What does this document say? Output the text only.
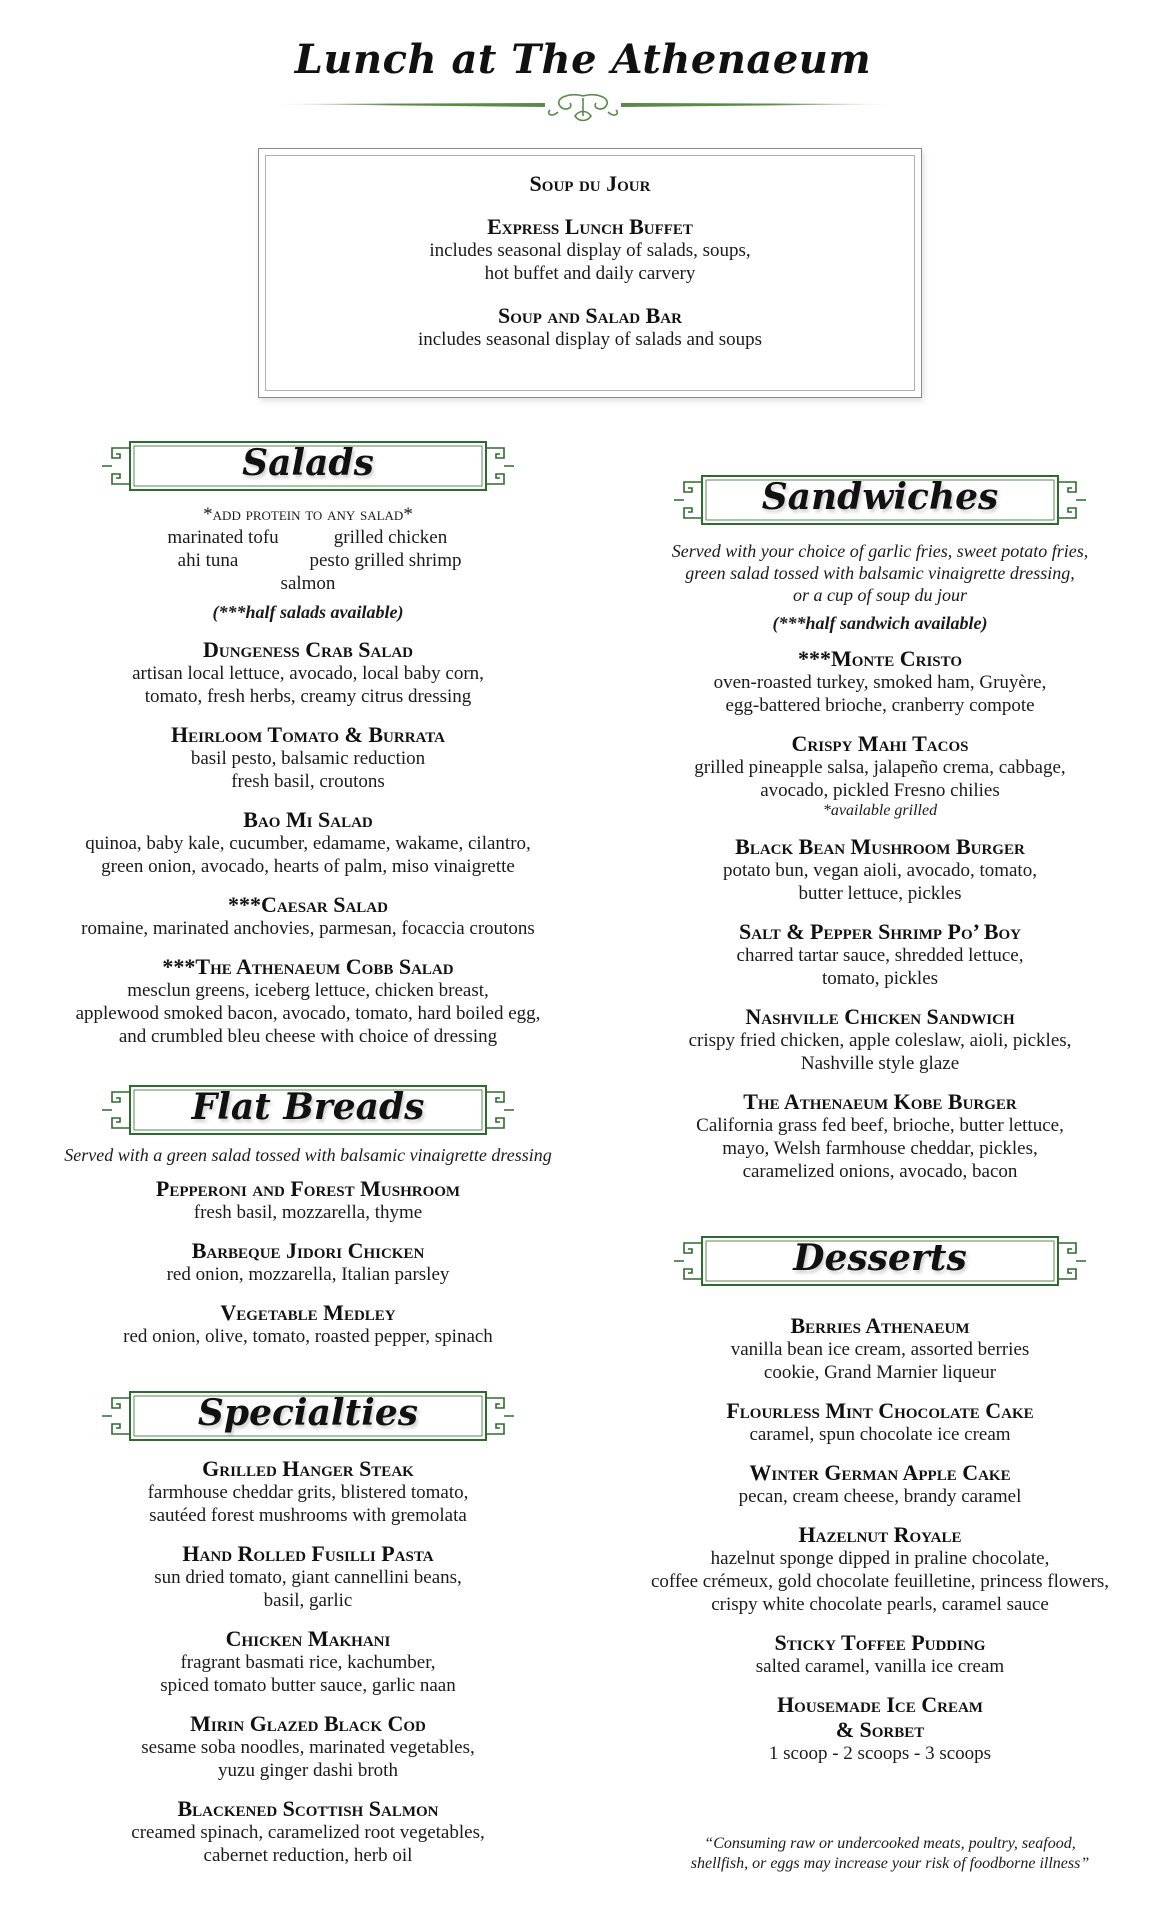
Lunch at The Athenaeum
Soup du Jour
Express Lunch Buffet
includes seasonal display of salads, soups,
hot buffet and daily carvery
Soup and Salad Bar
includes seasonal display of salads and soups
Salads
*add protein to any salad*
marinated tofu	grilled chicken
ahi tuna	pesto grilled shrimp
salmon
(***half salads available)
Dungeness Crab Salad
artisan local lettuce, avocado, local baby corn,
tomato, fresh herbs, creamy citrus dressing
Heirloom Tomato & Burrata
basil pesto, balsamic reduction
fresh basil, croutons
Bao Mi Salad
quinoa, baby kale, cucumber, edamame, wakame, cilantro,
green onion, avocado, hearts of palm, miso vinaigrette
***Caesar Salad
romaine, marinated anchovies, parmesan, focaccia croutons
***The Athenaeum Cobb Salad
mesclun greens, iceberg lettuce, chicken breast,
applewood smoked bacon, avocado, tomato, hard boiled egg,
and crumbled bleu cheese with choice of dressing
Flat Breads
Served with a green salad tossed with balsamic vinaigrette dressing
Pepperoni and Forest Mushroom
fresh basil, mozzarella, thyme
Barbeque Jidori Chicken
red onion, mozzarella, Italian parsley
Vegetable Medley
red onion, olive, tomato, roasted pepper, spinach
Specialties
Grilled Hanger Steak
farmhouse cheddar grits, blistered tomato,
sautéed forest mushrooms with gremolata
Hand Rolled Fusilli Pasta
sun dried tomato, giant cannellini beans,
basil, garlic
Chicken Makhani
fragrant basmati rice, kachumber,
spiced tomato butter sauce, garlic naan
Mirin Glazed Black Cod
sesame soba noodles, marinated vegetables,
yuzu ginger dashi broth
Blackened Scottish Salmon
creamed spinach, caramelized root vegetables,
cabernet reduction, herb oil
Sandwiches
Served with your choice of garlic fries, sweet potato fries,
green salad tossed with balsamic vinaigrette dressing,
or a cup of soup du jour
(***half sandwich available)
***Monte Cristo
oven-roasted turkey, smoked ham, Gruyère,
egg-battered brioche, cranberry compote
Crispy Mahi Tacos
grilled pineapple salsa, jalapeño crema, cabbage,
avocado, pickled Fresno chilies
*available grilled
Black Bean Mushroom Burger
potato bun, vegan aioli, avocado, tomato,
butter lettuce, pickles
Salt & Pepper Shrimp Po’ Boy
charred tartar sauce, shredded lettuce,
tomato, pickles
Nashville Chicken Sandwich
crispy fried chicken, apple coleslaw, aioli, pickles,
Nashville style glaze
The Athenaeum Kobe Burger
California grass fed beef, brioche, butter lettuce,
mayo, Welsh farmhouse cheddar, pickles,
caramelized onions, avocado, bacon
Desserts
Berries Athenaeum
vanilla bean ice cream, assorted berries
cookie, Grand Marnier liqueur
Flourless Mint Chocolate Cake
caramel, spun chocolate ice cream
Winter German Apple Cake
pecan, cream cheese, brandy caramel
Hazelnut Royale
hazelnut sponge dipped in praline chocolate,
coffee crémeux, gold chocolate feuilletine, princess flowers,
crispy white chocolate pearls, caramel sauce
Sticky Toffee Pudding
salted caramel, vanilla ice cream
Housemade Ice Cream
& Sorbet
1 scoop - 2 scoops - 3 scoops
“Consuming raw or undercooked meats, poultry, seafood,
shellfish, or eggs may increase your risk of foodborne illness”
